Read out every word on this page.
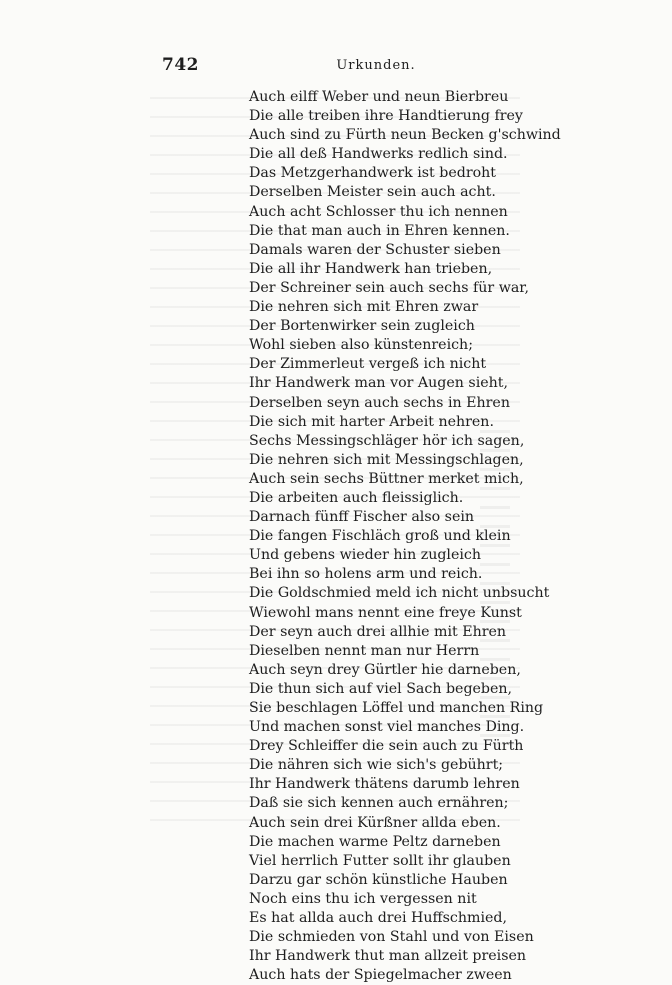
742	Urkunden.
Auch eilff Weber und neun Bierbreu
Die alle treiben ihre Handtierung frey
Auch sind zu Fürth neun Becken g'schwind
Die all deß Handwerks redlich sind.
Das Metzgerhandwerk ist bedroht
Derselben Meister sein auch acht.
Auch acht Schlosser thu ich nennen
Die that man auch in Ehren kennen.
Damals waren der Schuster sieben
Die all ihr Handwerk han trieben,
Der Schreiner sein auch sechs für war,
Die nehren sich mit Ehren zwar
Der Bortenwirker sein zugleich
Wohl sieben also künstenreich;
Der Zimmerleut vergeß ich nicht
Ihr Handwerk man vor Augen sieht,
Derselben seyn auch sechs in Ehren
Die sich mit harter Arbeit nehren.
Sechs Messingschläger hör ich sagen,
Die nehren sich mit Messingschlagen,
Auch sein sechs Büttner merket mich,
Die arbeiten auch fleissiglich.
Darnach fünff Fischer also sein
Die fangen Fischläch groß und klein
Und gebens wieder hin zugleich
Bei ihn so holens arm und reich.
Die Goldschmied meld ich nicht unbsucht
Wiewohl mans nennt eine freye Kunst
Der seyn auch drei allhie mit Ehren
Dieselben nennt man nur Herrn
Auch seyn drey Gürtler hie darneben,
Die thun sich auf viel Sach begeben,
Sie beschlagen Löffel und manchen Ring
Und machen sonst viel manches Ding.
Drey Schleiffer die sein auch zu Fürth
Die nähren sich wie sich's gebührt;
Ihr Handwerk thätens darumb lehren
Daß sie sich kennen auch ernähren;
Auch sein drei Kürßner allda eben.
Die machen warme Peltz darneben
Viel herrlich Futter sollt ihr glauben
Darzu gar schön künstliche Hauben
Noch eins thu ich vergessen nit
Es hat allda auch drei Huffschmied,
Die schmieden von Stahl und von Eisen
Ihr Handwerk thut man allzeit preisen
Auch hats der Spiegelmacher zween
